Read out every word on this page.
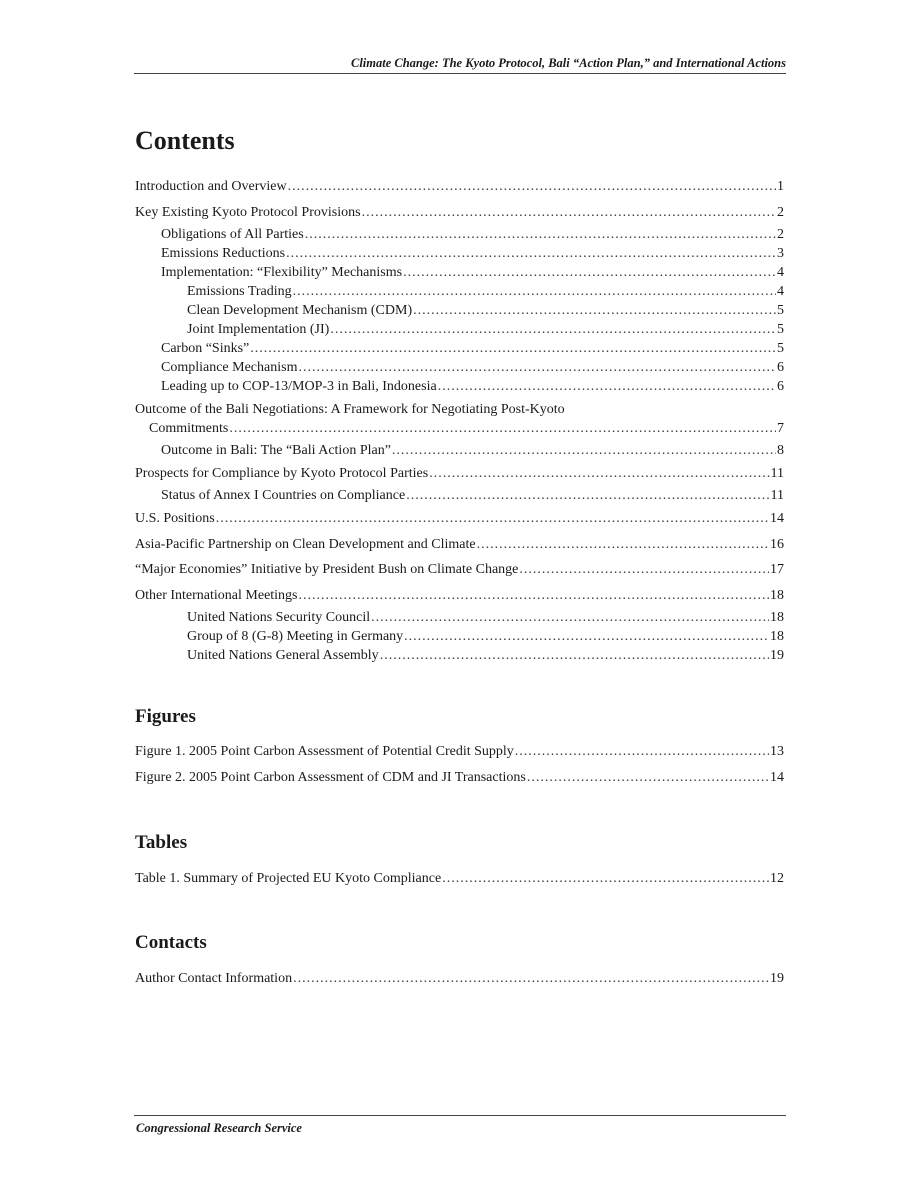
Climate Change: The Kyoto Protocol, Bali “Action Plan,” and International Actions
Contents
Introduction and Overview .....	1
Key Existing Kyoto Protocol Provisions .....	2
Obligations of All Parties .....	2
Emissions Reductions .....	3
Implementation: “Flexibility” Mechanisms .....	4
Emissions Trading .....	4
Clean Development Mechanism (CDM) .....	5
Joint Implementation (JI) .....	5
Carbon “Sinks” .....	5
Compliance Mechanism .....	6
Leading up to COP-13/MOP-3 in Bali, Indonesia .....	6
Outcome of the Bali Negotiations: A Framework for Negotiating Post-Kyoto
Commitments .....	7
Outcome in Bali: The “Bali Action Plan” .....	8
Prospects for Compliance by Kyoto Protocol Parties .....	11
Status of Annex I Countries on Compliance .....	11
U.S. Positions .....	14
Asia-Pacific Partnership on Clean Development and Climate .....	16
“Major Economies” Initiative by President Bush on Climate Change .....	17
Other International Meetings .....	18
United Nations Security Council .....	18
Group of 8 (G-8) Meeting in Germany .....	18
United Nations General Assembly .....	19
Figures
Figure 1. 2005 Point Carbon Assessment of Potential Credit Supply .....	13
Figure 2. 2005 Point Carbon Assessment of CDM and JI Transactions .....	14
Tables
Table 1. Summary of Projected EU Kyoto Compliance .....	12
Contacts
Author Contact Information .....	19
Congressional Research Service
